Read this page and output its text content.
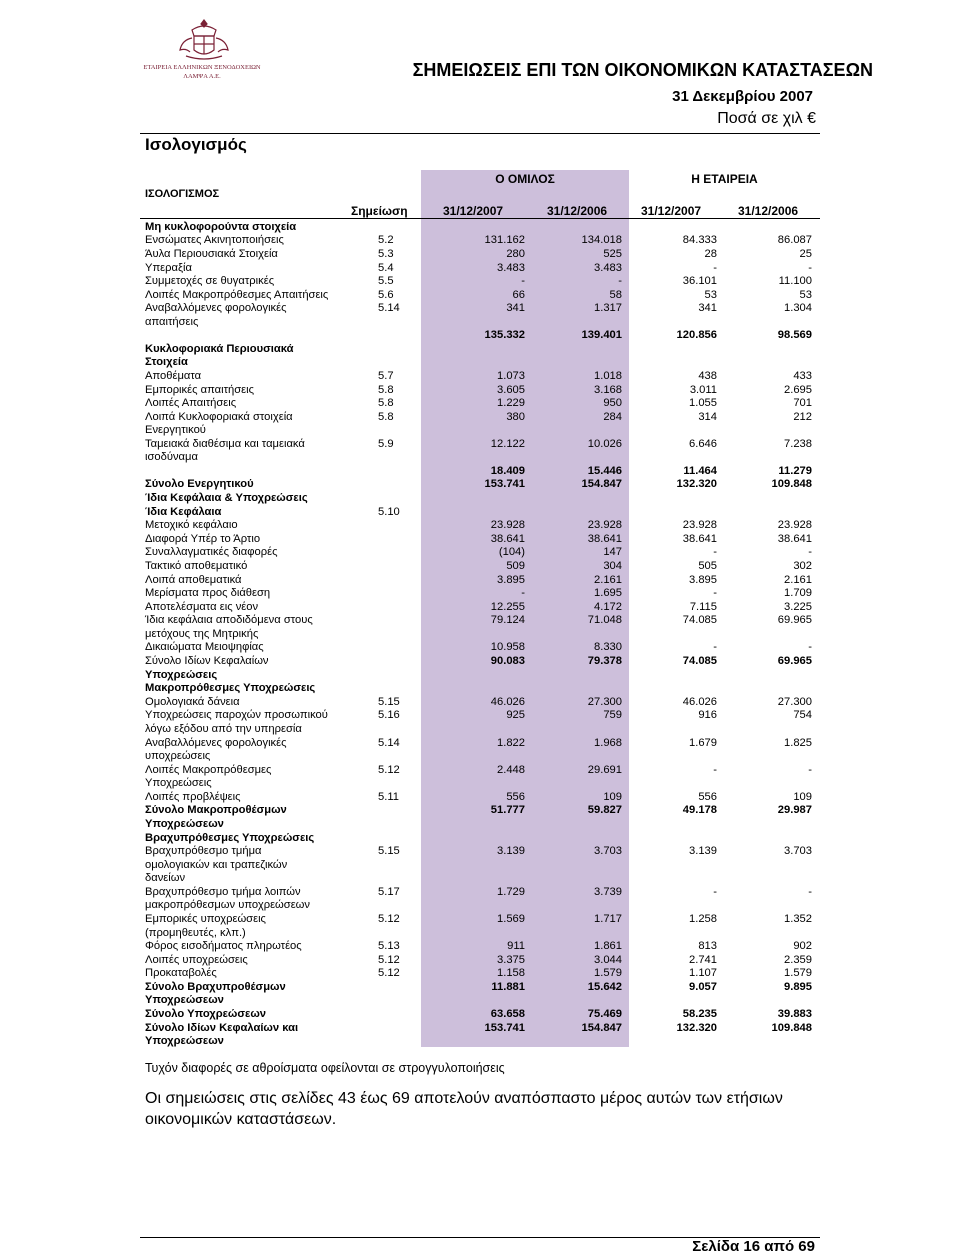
ΕΤΑΙΡΕΙΑ ΕΛΛΗΝΙΚΩΝ ΞΕΝΟΔΟΧΕΙΩΝ
ΛΑΜΨΑ Α.Ε.	ΣΗΜΕΙΩΣΕΙΣ ΕΠΙ ΤΩΝ ΟΙΚΟΝΟΜΙΚΩΝ ΚΑΤΑΣΤΑΣΕΩΝ
31 Δεκεμβρίου 2007
Ποσά σε χιλ €
Ισολογισμός
Ο ΟΜΙΛΟΣ	Η ΕΤΑΙΡΕΙΑ
ΙΣΟΛΟΓΙΣΜΟΣ
Σημείωση	31/12/2007	31/12/2006	31/12/2007	31/12/2006
Μη κυκλοφορούντα στοιχεία
Ενσώματες Ακινητοποιήσεις	5.2	131.162	134.018	84.333	86.087
Άυλα Περιουσιακά Στοιχεία	5.3	280	525	28	25
Υπεραξία	5.4	3.483	3.483	-	-
Συμμετοχές σε θυγατρικές	5.5	-	-	36.101	11.100
Λοιπές Μακροπρόθεσμες Απαιτήσεις	5.6	66	58	53	53
Αναβαλλόμενες φορολογικές	5.14	341	1.317	341	1.304
απαιτήσεις
135.332	139.401	120.856	98.569
Κυκλοφοριακά Περιουσιακά
Στοιχεία
Αποθέματα	5.7	1.073	1.018	438	433
Εμπορικές απαιτήσεις	5.8	3.605	3.168	3.011	2.695
Λοιπές Απαιτήσεις	5.8	1.229	950	1.055	701
Λοιπά Κυκλοφοριακά στοιχεία	5.8	380	284	314	212
Ενεργητικού
Ταμειακά διαθέσιμα και ταμειακά	5.9	12.122	10.026	6.646	7.238
ισοδύναμα
18.409	15.446	11.464	11.279
Σύνολο Ενεργητικού	153.741	154.847	132.320	109.848
Ίδια Κεφάλαια & Υποχρεώσεις
Ίδια Κεφάλαια	5.10
Μετοχικό κεφάλαιο	23.928	23.928	23.928	23.928
Διαφορά Υπέρ το Άρτιο	38.641	38.641	38.641	38.641
Συναλλαγματικές διαφορές	(104)	147	-	-
Τακτικό αποθεματικό	509	304	505	302
Λοιπά αποθεματικά	3.895	2.161	3.895	2.161
Μερίσματα προς διάθεση	-	1.695	-	1.709
Αποτελέσματα εις νέον	12.255	4.172	7.115	3.225
Ίδια κεφάλαια αποδιδόμενα στους	79.124	71.048	74.085	69.965
μετόχους της Μητρικής
Δικαιώματα Μειοψηφίας	10.958	8.330	-	-
Σύνολο Ιδίων Κεφαλαίων	90.083	79.378	74.085	69.965
Υποχρεώσεις
Μακροπρόθεσμες Υποχρεώσεις
Ομολογιακά δάνεια	5.15	46.026	27.300	46.026	27.300
Υποχρεώσεις παροχών προσωπικού	5.16	925	759	916	754
λόγω εξόδου από την υπηρεσία
Αναβαλλόμενες φορολογικές	5.14	1.822	1.968	1.679	1.825
υποχρεώσεις
Λοιπές Μακροπρόθεσμες	5.12	2.448	29.691	-	-
Υποχρεώσεις
Λοιπές προβλέψεις	5.11	556	109	556	109
Σύνολο Μακροπροθέσμων	51.777	59.827	49.178	29.987
Υποχρεώσεων
Βραχυπρόθεσμες Υποχρεώσεις
Βραχυπρόθεσμο τμήμα	5.15	3.139	3.703	3.139	3.703
ομολογιακών και τραπεζικών
δανείων
Βραχυπρόθεσμο τμήμα λοιπών	5.17	1.729	3.739	-	-
μακροπρόθεσμων υποχρεώσεων
Εμπορικές υποχρεώσεις	5.12	1.569	1.717	1.258	1.352
(προμηθευτές, κλπ.)
Φόρος εισοδήματος πληρωτέος	5.13	911	1.861	813	902
Λοιπές υποχρεώσεις	5.12	3.375	3.044	2.741	2.359
Προκαταβολές	5.12	1.158	1.579	1.107	1.579
Σύνολο Βραχυπροθέσμων	11.881	15.642	9.057	9.895
Υποχρεώσεων
Σύνολο Υποχρεώσεων	63.658	75.469	58.235	39.883
Σύνολο Ιδίων Κεφαλαίων και	153.741	154.847	132.320	109.848
Υποχρεώσεων
Τυχόν διαφορές σε αθροίσματα οφείλονται σε στρογγυλοποιήσεις
Οι σημειώσεις στις σελίδες 43 έως 69 αποτελούν αναπόσπαστο μέρος αυτών των ετήσιων οικονομικών καταστάσεων.
Σελίδα 16 από 69
